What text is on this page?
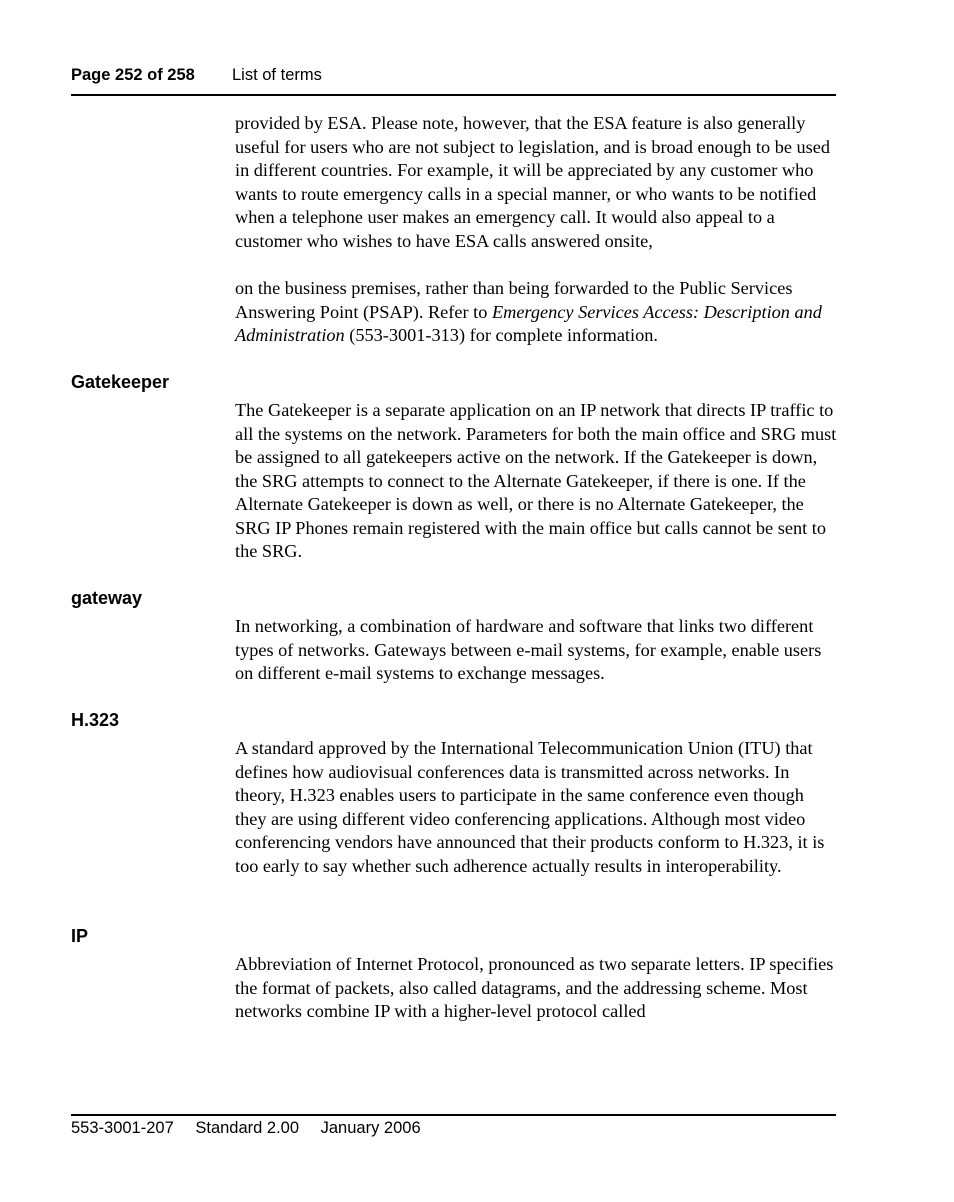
Page 252 of 258 List of terms

provided by ESA. Please note, however, that the ESA feature is also generally useful for users who are not subject to legislation, and is broad enough to be used in different countries. For example, it will be appreciated by any customer who wants to route emergency calls in a special manner, or who wants to be notified when a telephone user makes an emergency call. It would also appeal to a customer who wishes to have ESA calls answered onsite,

on the business premises, rather than being forwarded to the Public Services Answering Point (PSAP). Refer to Emergency Services Access: Description and Administration (553-3001-313) for complete information.

Gatekeeper

The Gatekeeper is a separate application on an IP network that directs IP traffic to all the systems on the network. Parameters for both the main office and SRG must be assigned to all gatekeepers active on the network. If the Gatekeeper is down, the SRG attempts to connect to the Alternate Gatekeeper, if there is one. If the Alternate Gatekeeper is down as well, or there is no Alternate Gatekeeper, the SRG IP Phones remain registered with the main office but calls cannot be sent to the SRG.

gateway

In networking, a combination of hardware and software that links two different types of networks. Gateways between e-mail systems, for example, enable users on different e-mail systems to exchange messages.

H.323

A standard approved by the International Telecommunication Union (ITU) that defines how audiovisual conferences data is transmitted across networks. In theory, H.323 enables users to participate in the same conference even though they are using different video conferencing applications. Although most video conferencing vendors have announced that their products conform to H.323, it is too early to say whether such adherence actually results in interoperability.

IP

Abbreviation of Internet Protocol, pronounced as two separate letters. IP specifies the format of packets, also called datagrams, and the addressing scheme. Most networks combine IP with a higher-level protocol called

553-3001-207 Standard 2.00 January 2006
